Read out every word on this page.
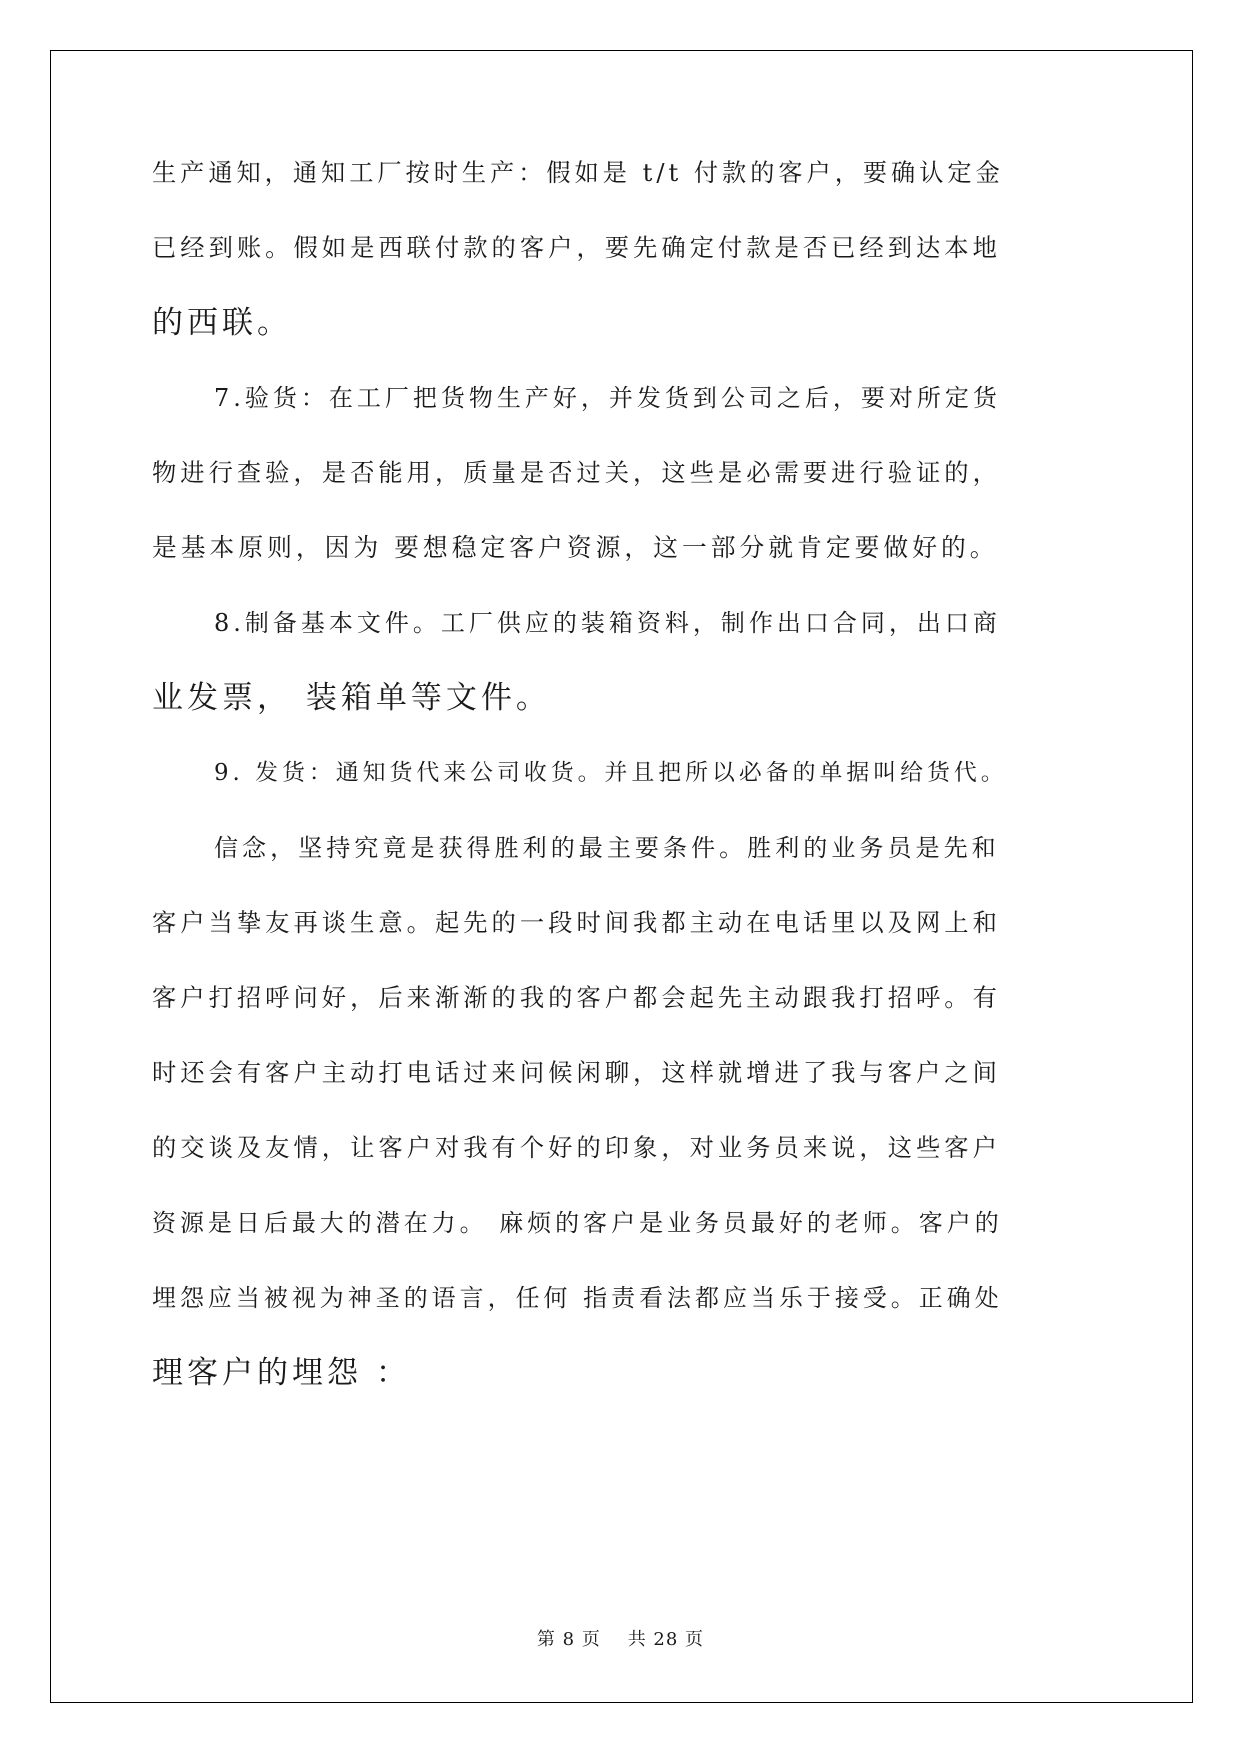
生产通知，通知工厂按时生产：假如是 t/t 付款的客户，要确认定金
已经到账。假如是西联付款的客户，要先确定付款是否已经到达本地
的西联。
7.验货：在工厂把货物生产好，并发货到公司之后，要对所定货
物进行查验，是否能用，质量是否过关，这些是必需要进行验证的，
是基本原则，因为 要想稳定客户资源，这一部分就肯定要做好的。
8.制备基本文件。工厂供应的装箱资料，制作出口合同，出口商
业发票， 装箱单等文件。
9. 发货：通知货代来公司收货。并且把所以必备的单据叫给货代。
信念，坚持究竟是获得胜利的最主要条件。胜利的业务员是先和
客户当挚友再谈生意。起先的一段时间我都主动在电话里以及网上和
客户打招呼问好，后来渐渐的我的客户都会起先主动跟我打招呼。有
时还会有客户主动打电话过来问候闲聊，这样就增进了我与客户之间
的交谈及友情，让客户对我有个好的印象，对业务员来说，这些客户
资源是日后最大的潜在力。 麻烦的客户是业务员最好的老师。客户的
埋怨应当被视为神圣的语言，任何 指责看法都应当乐于接受。正确处
理客户的埋怨 ：
第 8 页    共 28 页
